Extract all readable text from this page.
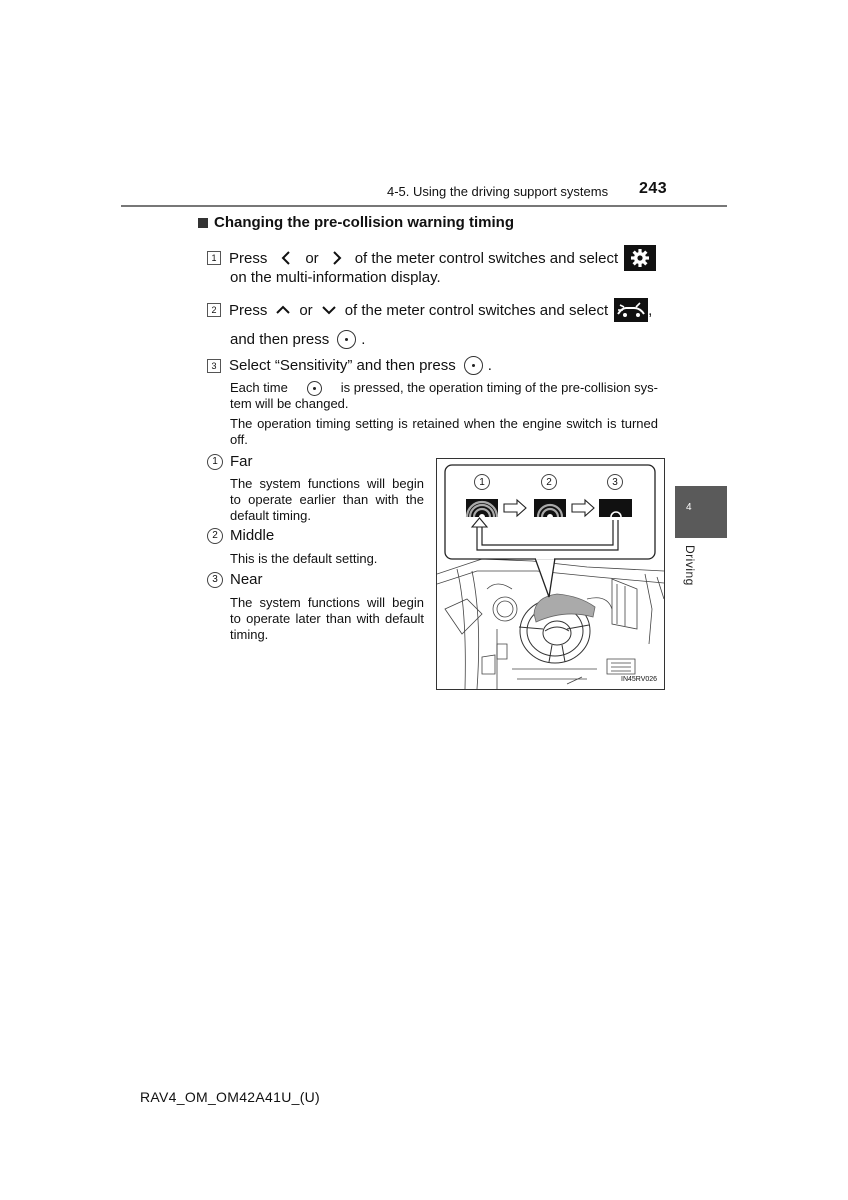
4-5. Using the driving support systems 243
Changing the pre-collision warning timing
1 Press	or of the meter control switches and select
on the multi-information display.
2 Press or of the meter control switches and select	,
and then press .
3 Select “Sensitivity” and then press .
Each time	is pressed, the operation timing of the pre-collision sys-
tem will be changed.
The operation timing setting is retained when the engine switch is turned off.
1 Far
The system functions will begin to operate earlier than with the default timing.
2 Middle
This is the default setting.
3 Near
The system functions will begin to operate later than with default timing.
1	2	3
IN45RV026
4
Driving
RAV4_OM_OM42A41U_(U)
